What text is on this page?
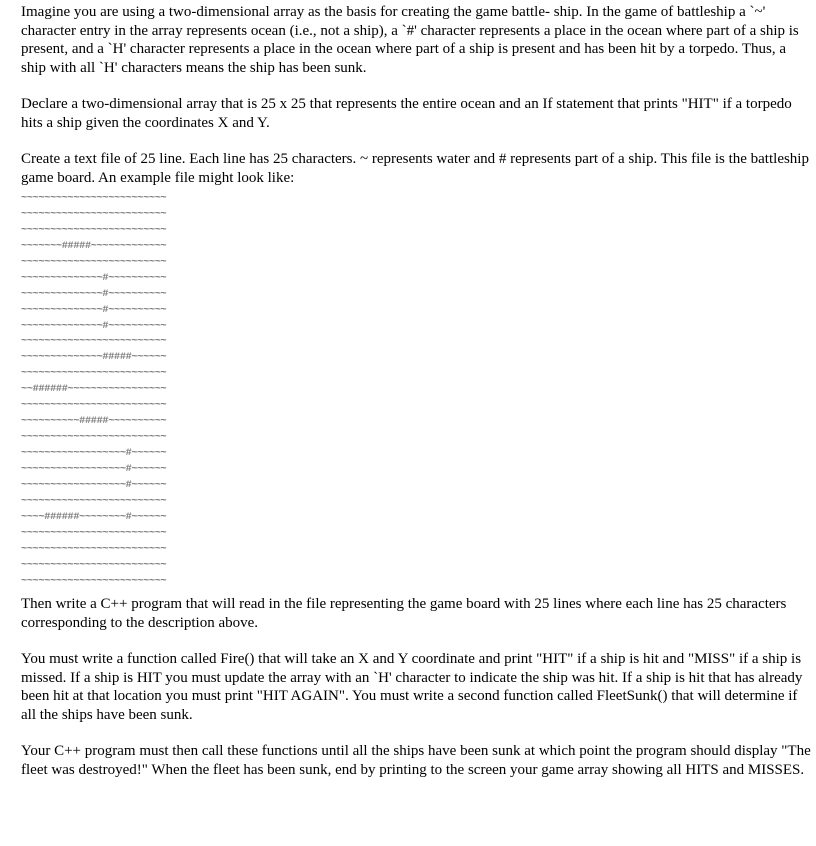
Imagine you are using a two-dimensional array as the basis for creating the game battle- ship. In the game of battleship a `~' character entry in the array represents ocean (i.e., not a ship), a `#' character represents a place in the ocean where part of a ship is present, and a `H' character represents a place in the ocean where part of a ship is present and has been hit by a torpedo. Thus, a ship with all `H' characters means the ship has been sunk.

Declare a two-dimensional array that is 25 x 25 that represents the entire ocean and an If statement that prints "HIT" if a torpedo hits a ship given the coordinates X and Y.

Create a text file of 25 line. Each line has 25 characters. ~ represents water and # represents part of a ship. This file is the battleship game board. An example file might look like:

~~~~~~~~~~~~~~~~~~~~~~~~~
~~~~~~~~~~~~~~~~~~~~~~~~~
~~~~~~~~~~~~~~~~~~~~~~~~~
~~~~~~~#####~~~~~~~~~~~~~
~~~~~~~~~~~~~~~~~~~~~~~~~
~~~~~~~~~~~~~~#~~~~~~~~~~
~~~~~~~~~~~~~~#~~~~~~~~~~
~~~~~~~~~~~~~~#~~~~~~~~~~
~~~~~~~~~~~~~~#~~~~~~~~~~
~~~~~~~~~~~~~~~~~~~~~~~~~
~~~~~~~~~~~~~~#####~~~~~~
~~~~~~~~~~~~~~~~~~~~~~~~~
~~######~~~~~~~~~~~~~~~~~
~~~~~~~~~~~~~~~~~~~~~~~~~
~~~~~~~~~~#####~~~~~~~~~~
~~~~~~~~~~~~~~~~~~~~~~~~~
~~~~~~~~~~~~~~~~~~#~~~~~~
~~~~~~~~~~~~~~~~~~#~~~~~~
~~~~~~~~~~~~~~~~~~#~~~~~~
~~~~~~~~~~~~~~~~~~~~~~~~~
~~~~######~~~~~~~~#~~~~~~
~~~~~~~~~~~~~~~~~~~~~~~~~
~~~~~~~~~~~~~~~~~~~~~~~~~
~~~~~~~~~~~~~~~~~~~~~~~~~
~~~~~~~~~~~~~~~~~~~~~~~~~

Then write a C++ program that will read in the file representing the game board with 25 lines where each line has 25 characters corresponding to the description above.

You must write a function called Fire() that will take an X and Y coordinate and print "HIT" if a ship is hit and "MISS" if a ship is missed. If a ship is HIT you must update the array with an `H' character to indicate the ship was hit. If a ship is hit that has already been hit at that location you must print "HIT AGAIN". You must write a second function called FleetSunk() that will determine if all the ships have been sunk.

Your C++ program must then call these functions until all the ships have been sunk at which point the program should display "The fleet was destroyed!" When the fleet has been sunk, end by printing to the screen your game array showing all HITS and MISSES.
